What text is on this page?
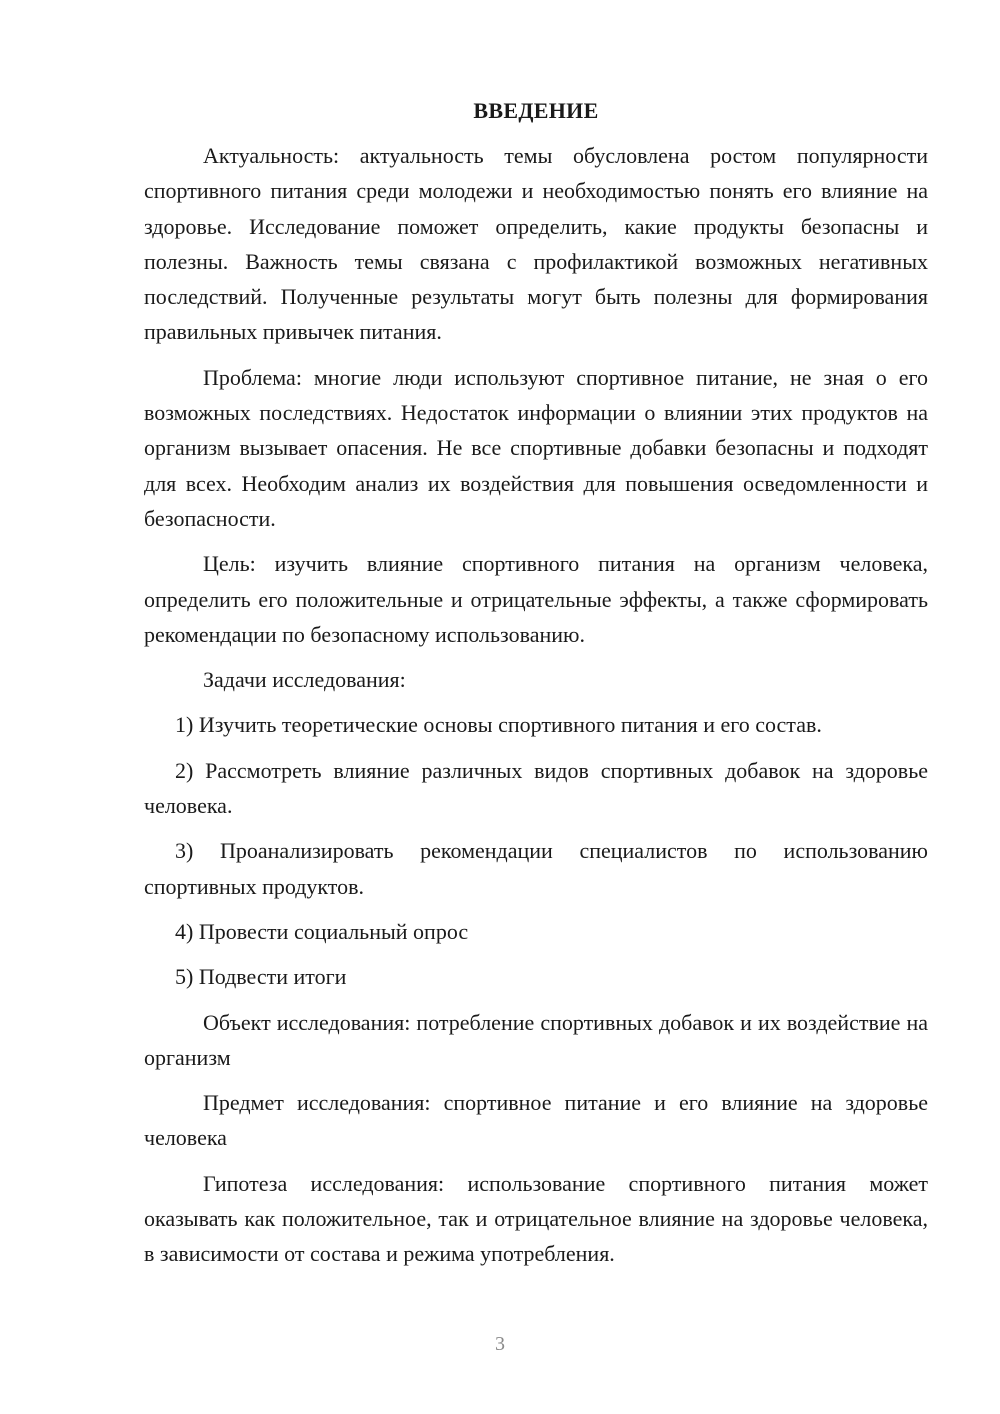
ВВЕДЕНИЕ

Актуальность: актуальность темы обусловлена ростом популярности спортивного питания среди молодежи и необходимостью понять его влияние на здоровье. Исследование поможет определить, какие продукты безопасны и полезны. Важность темы связана с профилактикой возможных негативных последствий. Полученные результаты могут быть полезны для формирования правильных привычек питания.

Проблема: многие люди используют спортивное питание, не зная о его возможных последствиях. Недостаток информации о влиянии этих продуктов на организм вызывает опасения. Не все спортивные добавки безопасны и подходят для всех. Необходим анализ их воздействия для повышения осведомленности и безопасности.

Цель: изучить влияние спортивного питания на организм человека, определить его положительные и отрицательные эффекты, а также сформировать рекомендации по безопасному использованию.

Задачи исследования:

1) Изучить теоретические основы спортивного питания и его состав.

2) Рассмотреть влияние различных видов спортивных добавок на здоровье человека.

3) Проанализировать рекомендации специалистов по использованию спортивных продуктов.

4) Провести социальный опрос

5) Подвести итоги

Объект исследования: потребление спортивных добавок и их воздействие на организм

Предмет исследования: спортивное питание и его влияние на здоровье человека

Гипотеза исследования: использование спортивного питания может оказывать как положительное, так и отрицательное влияние на здоровье человека, в зависимости от состава и режима употребления.

3
